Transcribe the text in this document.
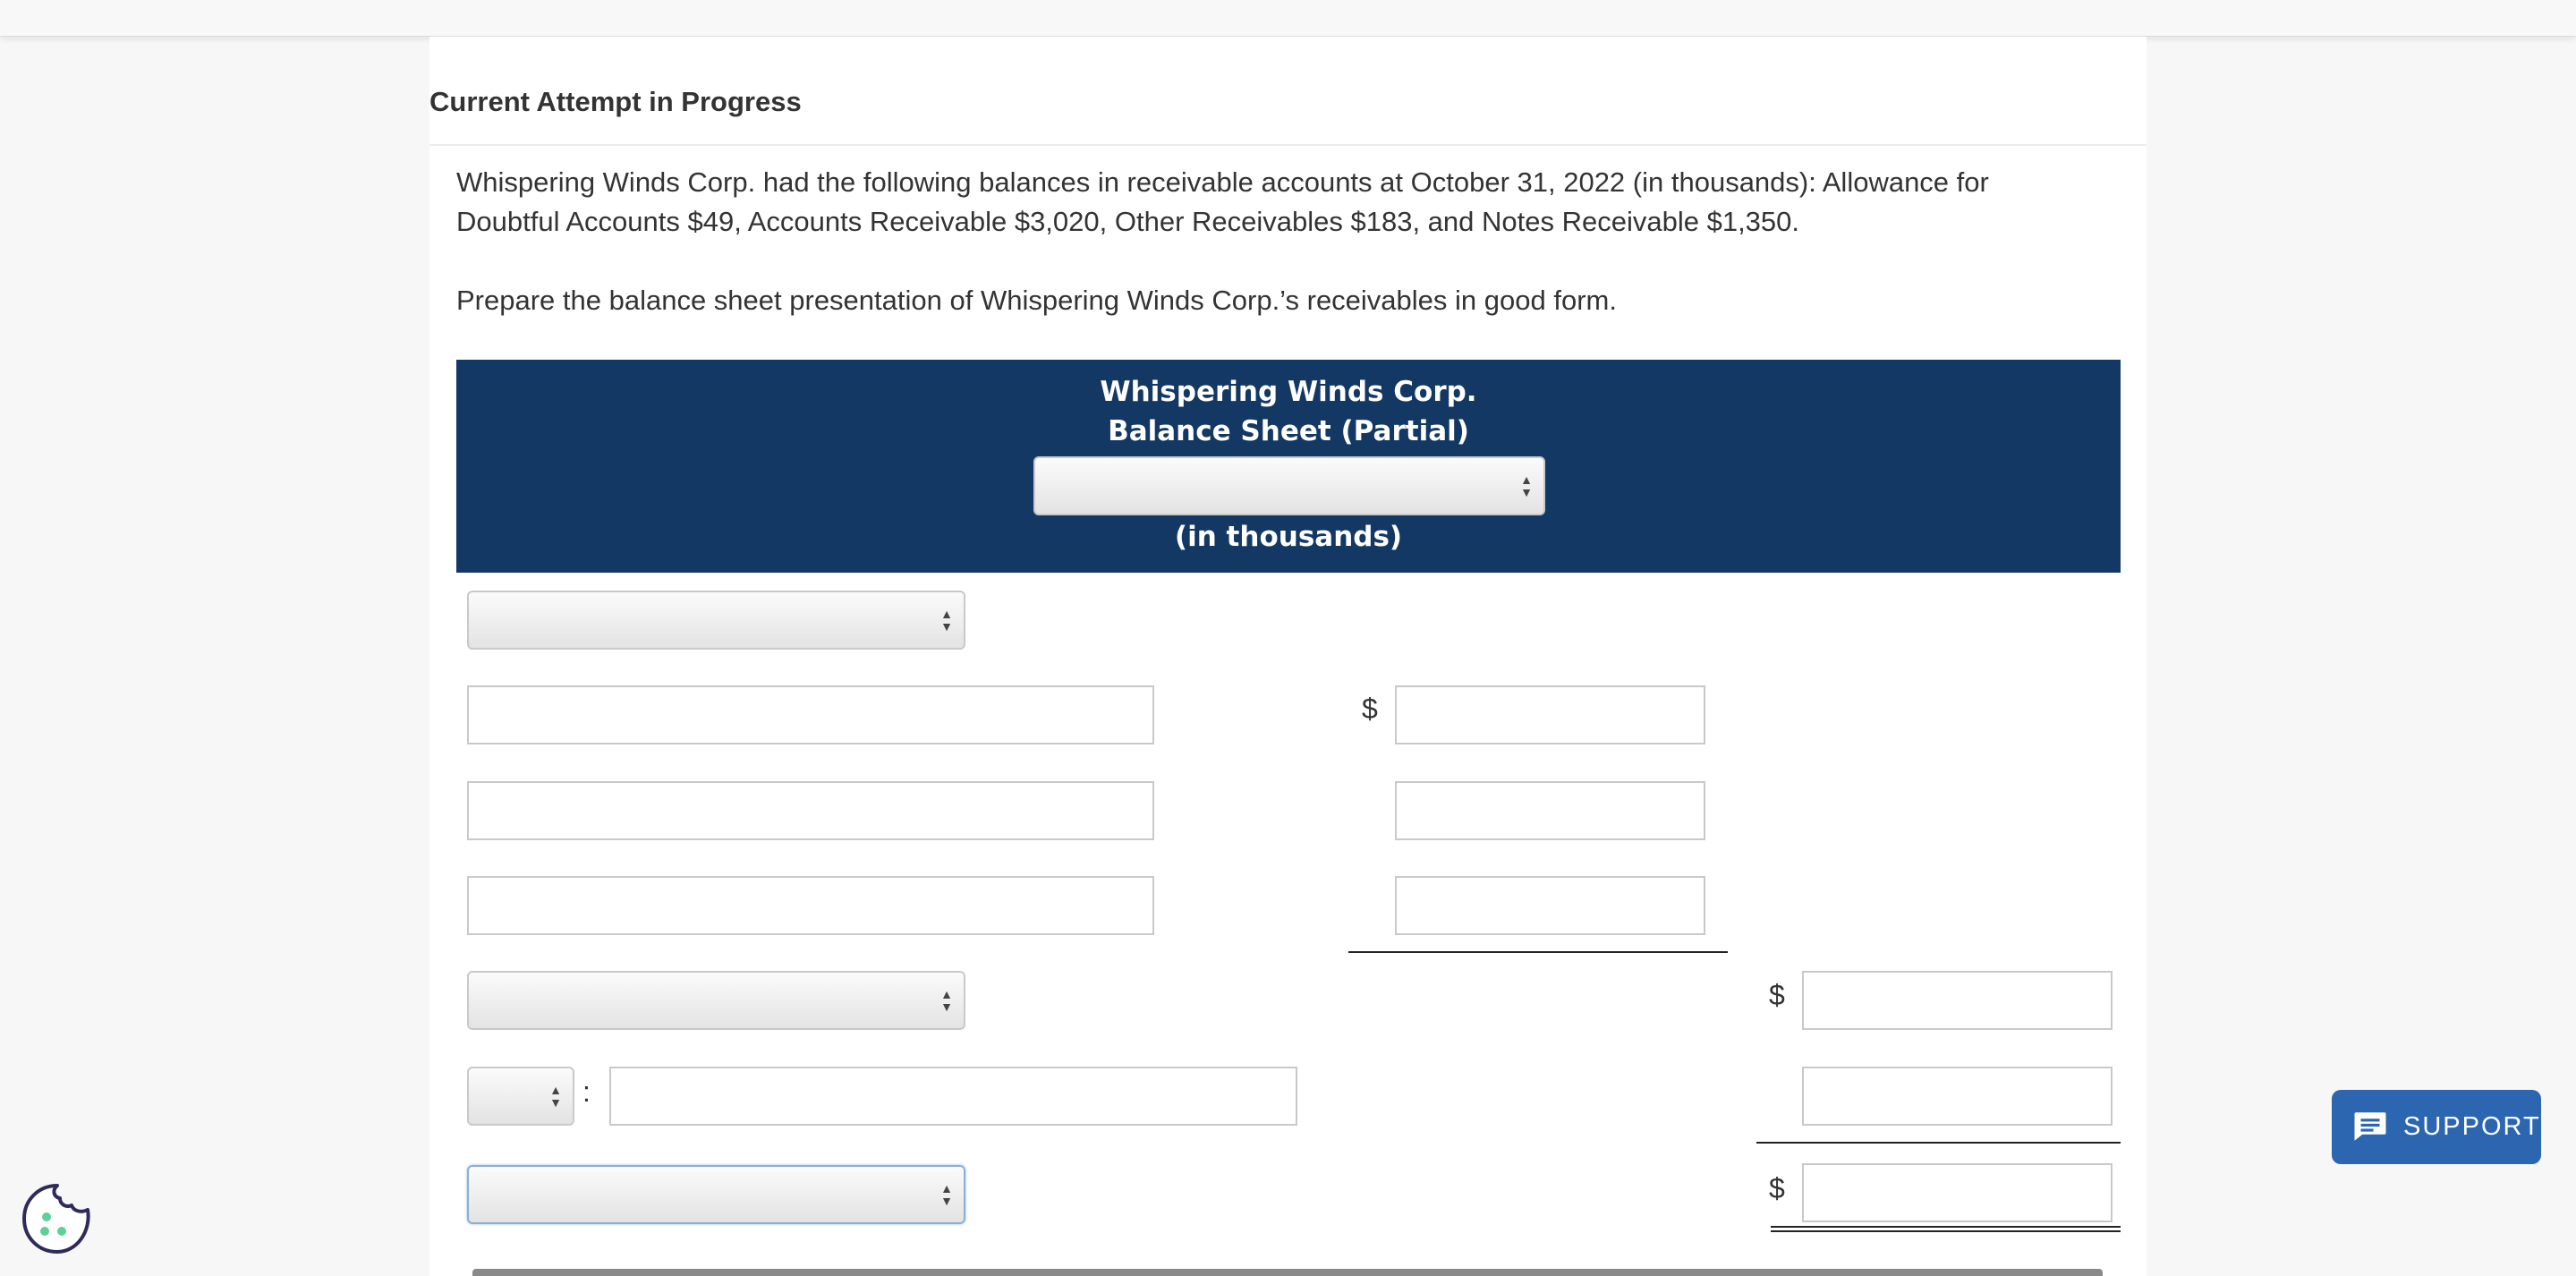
Current Attempt in Progress
Whispering Winds Corp. had the following balances in receivable accounts at October 31, 2022 (in thousands): Allowance for Doubtful Accounts $49, Accounts Receivable $3,020, Other Receivables $183, and Notes Receivable $1,350.
Prepare the balance sheet presentation of Whispering Winds Corp.’s receivables in good form.
Whispering Winds Corp.
Balance Sheet (Partial)
▲
▼
(in thousands)
▲
▼
$
▲
▼	$
▲
▼ :
▲
▼	$
SUPPORT
